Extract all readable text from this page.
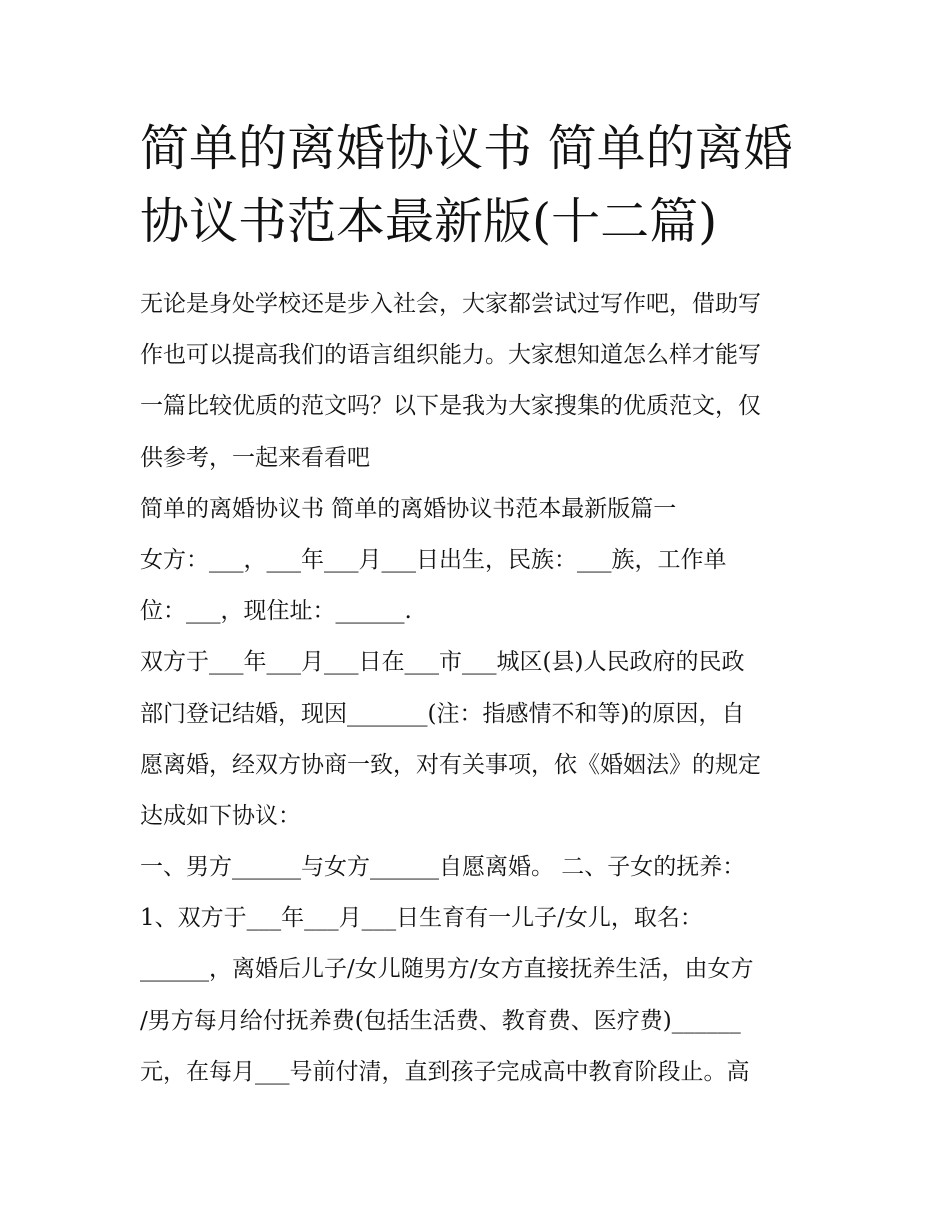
简单的离婚协议书 简单的离婚
协议书范本最新版(十二篇)
无论是身处学校还是步入社会，大家都尝试过写作吧，借助写
作也可以提高我们的语言组织能力。大家想知道怎么样才能写
一篇比较优质的范文吗？以下是我为大家搜集的优质范文，仅
供参考，一起来看看吧
简单的离婚协议书 简单的离婚协议书范本最新版篇一
女方：___，___年___月___日出生，民族：___族，工作单
位：___，现住址：______.
双方于___年___月___日在___市___城区(县)人民政府的民政
部门登记结婚，现因_______(注：指感情不和等)的原因，自
愿离婚，经双方协商一致，对有关事项，依《婚姻法》的规定
达成如下协议：
一、男方______与女方______自愿离婚。 二、子女的抚养：
1、双方于___年___月___日生育有一儿子/女儿，取名：
______，离婚后儿子/女儿随男方/女方直接抚养生活，由女方
/男方每月给付抚养费(包括生活费、教育费、医疗费)______
元，在每月___号前付清，直到孩子完成高中教育阶段止。高
